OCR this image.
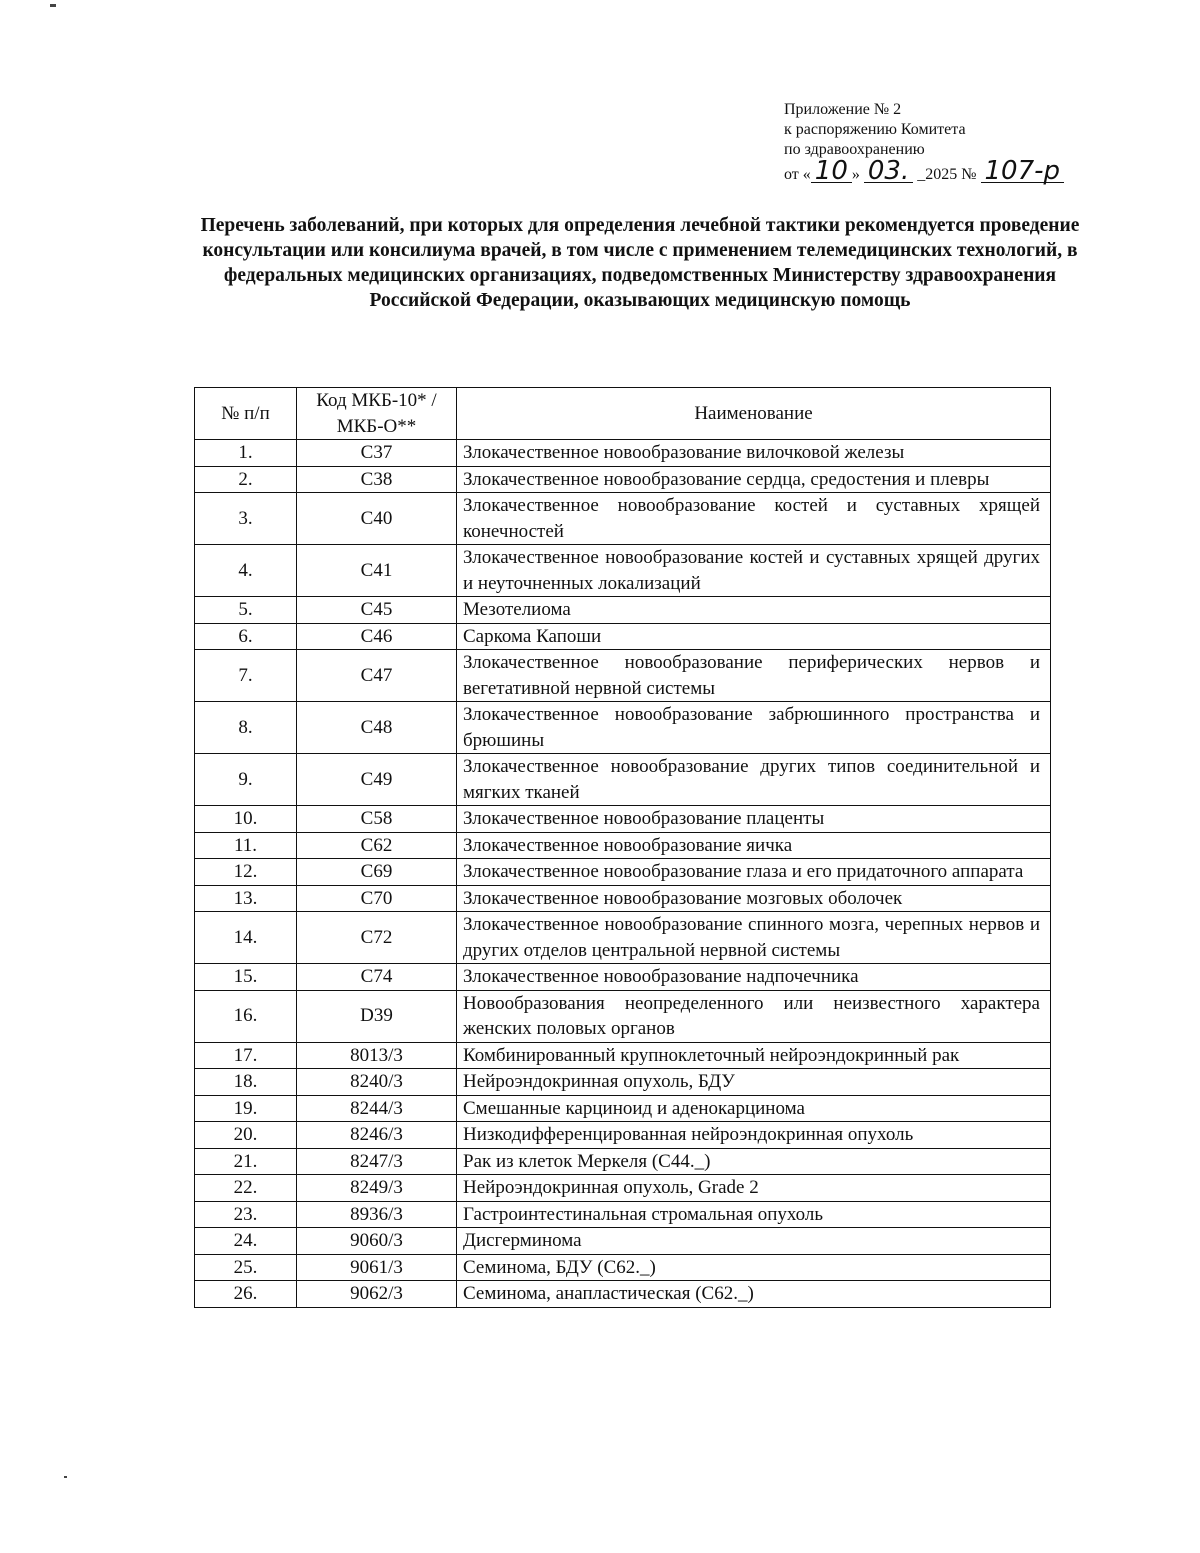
Приложение № 2
к распоряжению Комитета
по здравоохранению
от « 10 » 03. _2025 № 107-р
Перечень заболеваний, при которых для определения лечебной тактики рекомендуется проведение консультации или консилиума врачей, в том числе с применением телемедицинских технологий, в федеральных медицинских организациях, подведомственных Министерству здравоохранения Российской Федерации, оказывающих медицинскую помощь
№ п/п	Код МКБ-10* / МКБ-О**	Наименование
1.	C37	Злокачественное новообразование вилочковой железы
2.	C38	Злокачественное новообразование сердца, средостения и плевры
3.	C40	Злокачественное новообразование костей и суставных хрящей конечностей
4.	C41	Злокачественное новообразование костей и суставных хрящей других и неуточненных локализаций
5.	C45	Мезотелиома
6.	C46	Саркома Капоши
7.	C47	Злокачественное новообразование периферических нервов и вегетативной нервной системы
8.	C48	Злокачественное новообразование забрюшинного пространства и брюшины
9.	C49	Злокачественное новообразование других типов соединительной и мягких тканей
10.	C58	Злокачественное новообразование плаценты
11.	C62	Злокачественное новообразование яичка
12.	C69	Злокачественное новообразование глаза и его придаточного аппарата
13.	C70	Злокачественное новообразование мозговых оболочек
14.	C72	Злокачественное новообразование спинного мозга, черепных нервов и других отделов центральной нервной системы
15.	C74	Злокачественное новообразование надпочечника
16.	D39	Новообразования неопределенного или неизвестного характера женских половых органов
17.	8013/3	Комбинированный крупноклеточный нейроэндокринный рак
18.	8240/3	Нейроэндокринная опухоль, БДУ
19.	8244/3	Смешанные карциноид и аденокарцинома
20.	8246/3	Низкодифференцированная нейроэндокринная опухоль
21.	8247/3	Рак из клеток Меркеля (C44._)
22.	8249/3	Нейроэндокринная опухоль, Grade 2
23.	8936/3	Гастроинтестинальная стромальная опухоль
24.	9060/3	Дисгерминома
25.	9061/3	Семинома, БДУ (C62._)
26.	9062/3	Семинома, анапластическая (C62._)
